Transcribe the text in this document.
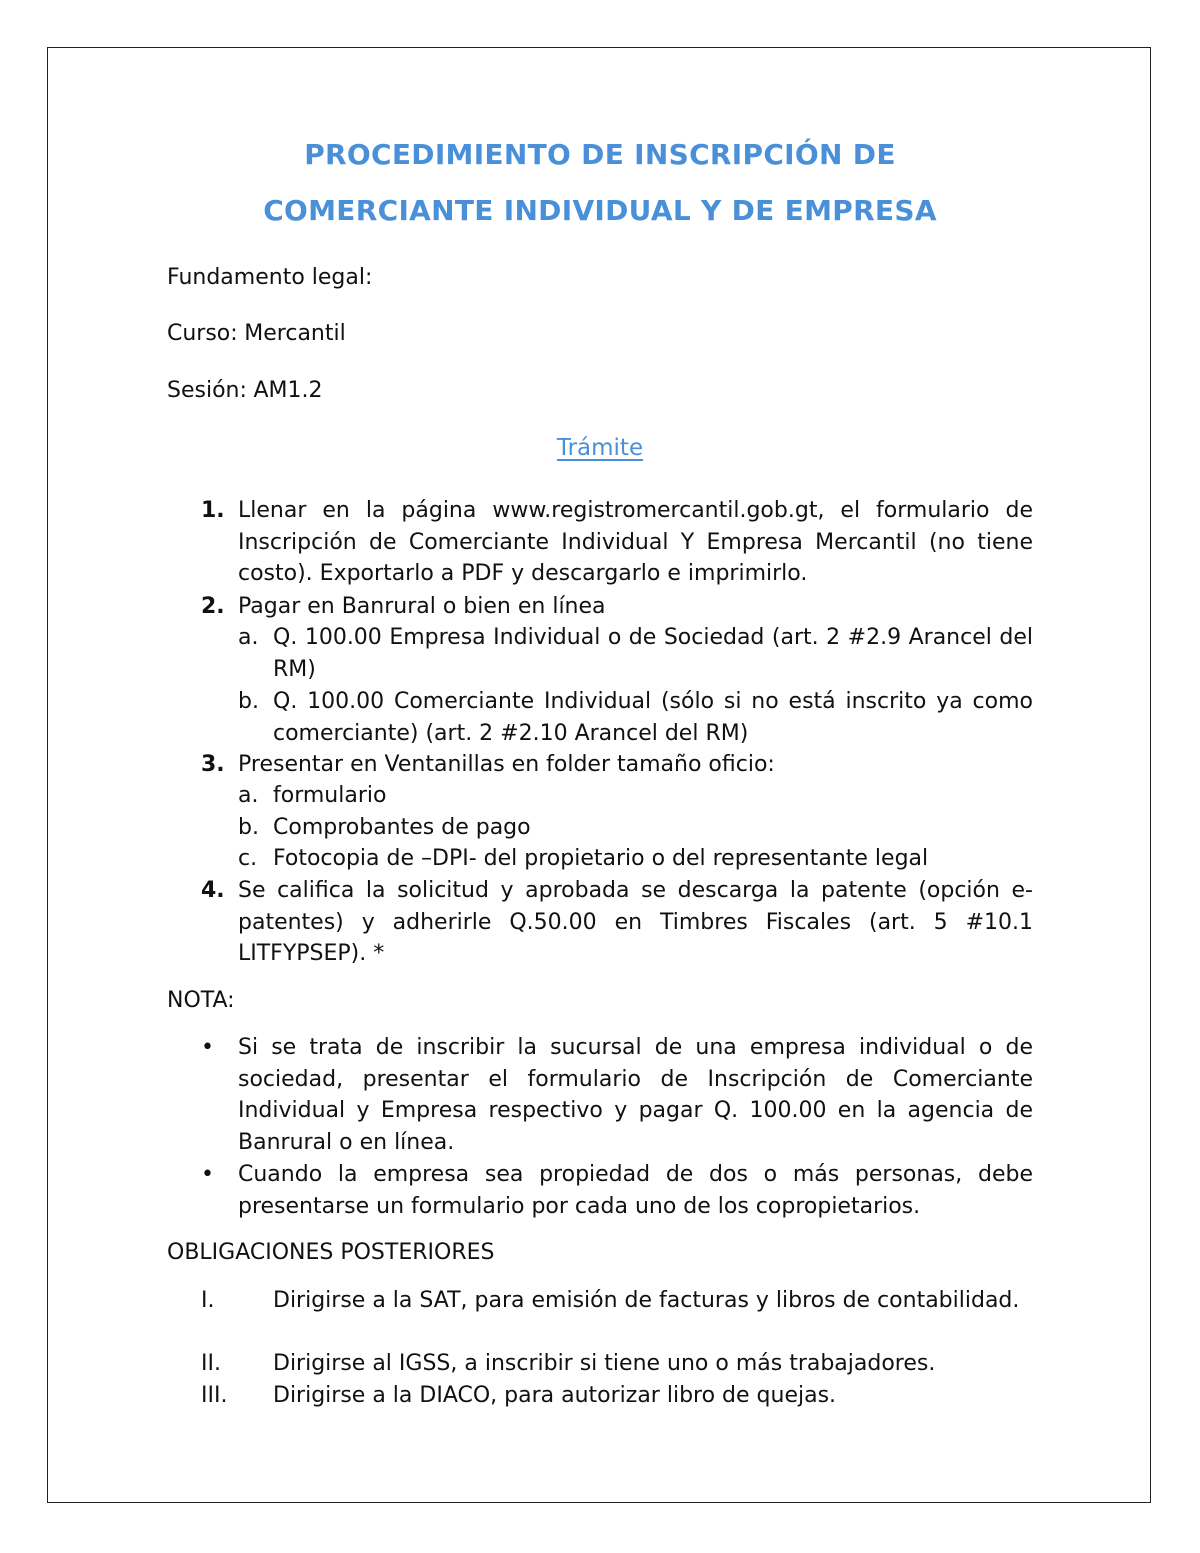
PROCEDIMIENTO DE INSCRIPCIÓN DE
COMERCIANTE INDIVIDUAL Y DE EMPRESA
Fundamento legal:
Curso: Mercantil
Sesión: AM1.2
Trámite
1. Llenar en la página www.registromercantil.gob.gt, el formulario de Inscripción de Comerciante Individual Y Empresa Mercantil (no tiene costo). Exportarlo a PDF y descargarlo e imprimirlo.
2. Pagar en Banrural o bien en línea
a. Q. 100.00 Empresa Individual o de Sociedad (art. 2 #2.9 Arancel del RM)
b. Q. 100.00 Comerciante Individual (sólo si no está inscrito ya como comerciante) (art. 2 #2.10 Arancel del RM)
3. Presentar en Ventanillas en folder tamaño oficio:
a. formulario
b. Comprobantes de pago
c. Fotocopia de –DPI- del propietario o del representante legal
4. Se califica la solicitud y aprobada se descarga la patente (opción e-patentes) y adherirle Q.50.00 en Timbres Fiscales (art. 5 #10.1 LITFYPSEP). *
NOTA:
• Si se trata de inscribir la sucursal de una empresa individual o de sociedad, presentar el formulario de Inscripción de Comerciante Individual y Empresa respectivo y pagar Q. 100.00 en la agencia de Banrural o en línea.
• Cuando la empresa sea propiedad de dos o más personas, debe presentarse un formulario por cada uno de los copropietarios.
OBLIGACIONES POSTERIORES
I.	Dirigirse a la SAT, para emisión de facturas y libros de contabilidad.
II. Dirigirse al IGSS, a inscribir si tiene uno o más trabajadores.
III. Dirigirse a la DIACO, para autorizar libro de quejas.
